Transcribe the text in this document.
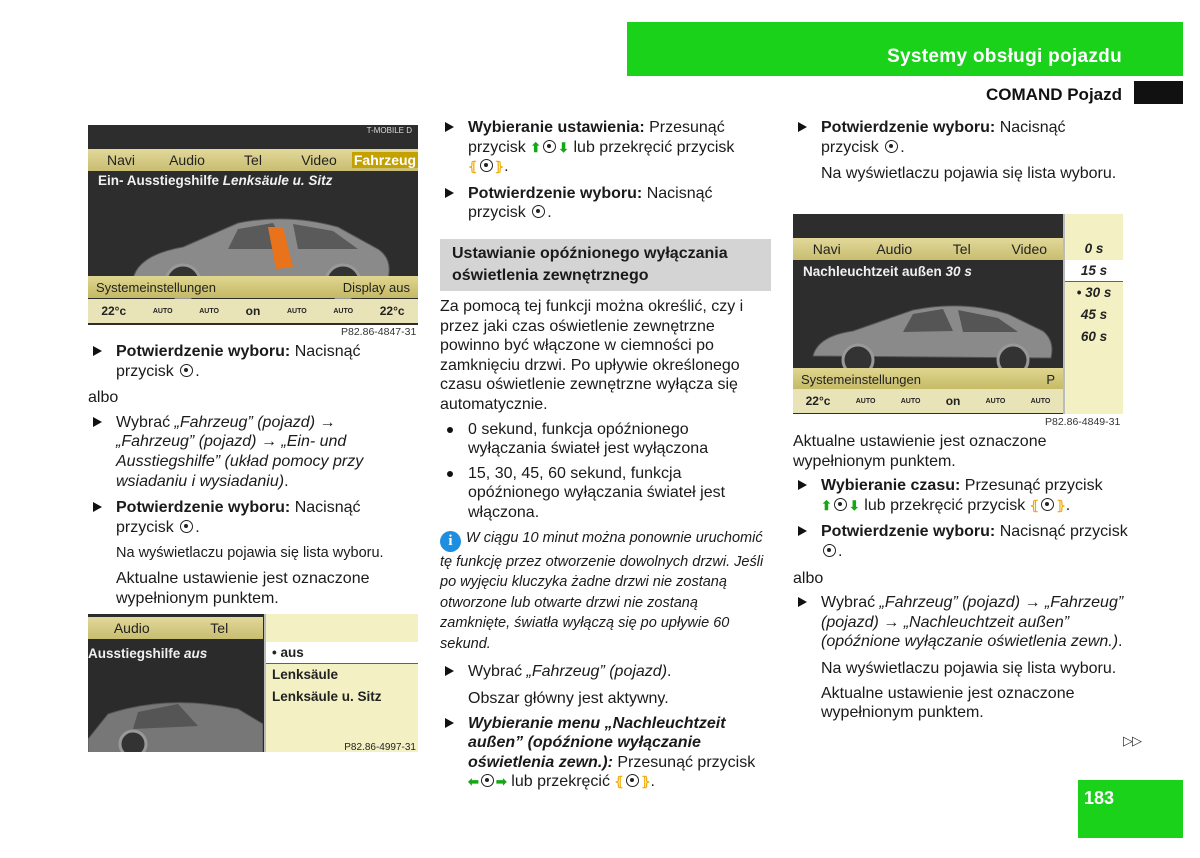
Systemy obsługi pojazdu
COMAND Pojazd
T-MOBILE D
Navi	Audio	Tel	Video	Fahrzeug
Ein- Ausstiegshilfe Lenksäule u. Sitz
Systemeinstellungen	Display aus
22°c	AUTO	AUTO on	AUTO	AUTO 22°c
P82.86-4847-31

Potwierdzenie wyboru: Nacisnąć przycisk .

albo

Wybrać „Fahrzeug” (pojazd) → „Fahrzeug” (pojazd) → „Ein- und Ausstiegshilfe” (układ pomocy przy wsiadaniu i wysiadaniu).

Potwierdzenie wyboru: Nacisnąć przycisk .

Na wyświetlaczu pojawia się lista wyboru.

Aktualne ustawienie jest oznaczone wypełnionym punktem.

Audio	Tel
Ausstiegshilfe aus	• aus
Lenksäule
Lenksäule u. Sitz
P82.86-4997-31

Wybieranie ustawienia: Przesunąć przycisk ⬆ ⬇ lub przekręcić przycisk ⦃ ⦄.

Potwierdzenie wyboru: Nacisnąć przycisk .

Ustawianie opóźnionego wyłączania oświetlenia zewnętrznego

Za pomocą tej funkcji można określić, czy i przez jaki czas oświetlenie zewnętrzne powinno być włączone w ciemności po zamknięciu drzwi. Po upływie określonego czasu oświetlenie zewnętrzne wyłącza się automatycznie.

0 sekund, funkcja opóźnionego wyłączania świateł jest wyłączona

15, 30, 45, 60 sekund, funkcja opóźnionego wyłączania świateł jest włączona.

i W ciągu 10 minut można ponownie uruchomić tę funkcję przez otworzenie dowolnych drzwi. Jeśli po wyjęciu kluczyka żadne drzwi nie zostaną otworzone lub otwarte drzwi nie zostaną zamknięte, światła wyłączą się po upływie 60 sekund.

Wybrać „Fahrzeug” (pojazd).

Obszar główny jest aktywny.

Wybieranie menu „Nachleuchtzeit außen” (opóźnione wyłączanie oświetlenia zewn.): Przesunąć przycisk ⬅ ➡ lub przekręcić ⦃ ⦄.

Potwierdzenie wyboru: Nacisnąć przycisk .

Na wyświetlaczu pojawia się lista wyboru.

Navi	Audio	Tel	Video
Nachleuchtzeit außen 30 s
Systemeinstellungen	P
22°c	AUTO	AUTO on	AUTO	AUTO
0 s
15 s
• 30 s
45 s
60 s
P82.86-4849-31

Aktualne ustawienie jest oznaczone wypełnionym punktem.

Wybieranie czasu: Przesunąć przycisk ⬆ ⬇ lub przekręcić przycisk ⦃ ⦄.

Potwierdzenie wyboru: Nacisnąć przycisk .

albo

Wybrać „Fahrzeug” (pojazd) → „Fahrzeug” (pojazd) → „Nachleuchtzeit außen” (opóźnione wyłączanie oświetlenia zewn.).

Na wyświetlaczu pojawia się lista wyboru.

Aktualne ustawienie jest oznaczone wypełnionym punktem.

▷▷
183
